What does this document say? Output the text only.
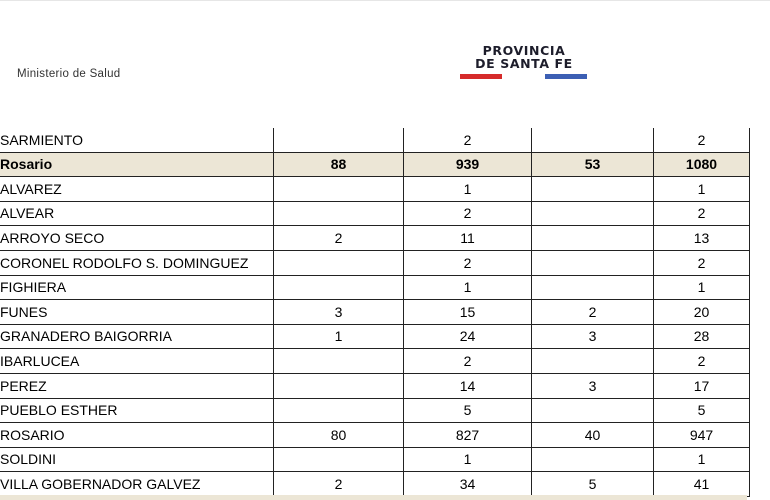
Ministerio de Salud
PROVINCIA
DE SANTA FE
SARMIENTO		2		2
Rosario	88	939	53	1080
ALVAREZ		1		1
ALVEAR		2		2
ARROYO SECO	2	11		13
CORONEL RODOLFO S. DOMINGUEZ		2		2
FIGHIERA		1		1
FUNES	3	15	2	20
GRANADERO BAIGORRIA	1	24	3	28
IBARLUCEA		2		2
PEREZ		14	3	17
PUEBLO ESTHER		5		5
ROSARIO	80	827	40	947
SOLDINI		1		1
VILLA GOBERNADOR GALVEZ	2	34	5	41
